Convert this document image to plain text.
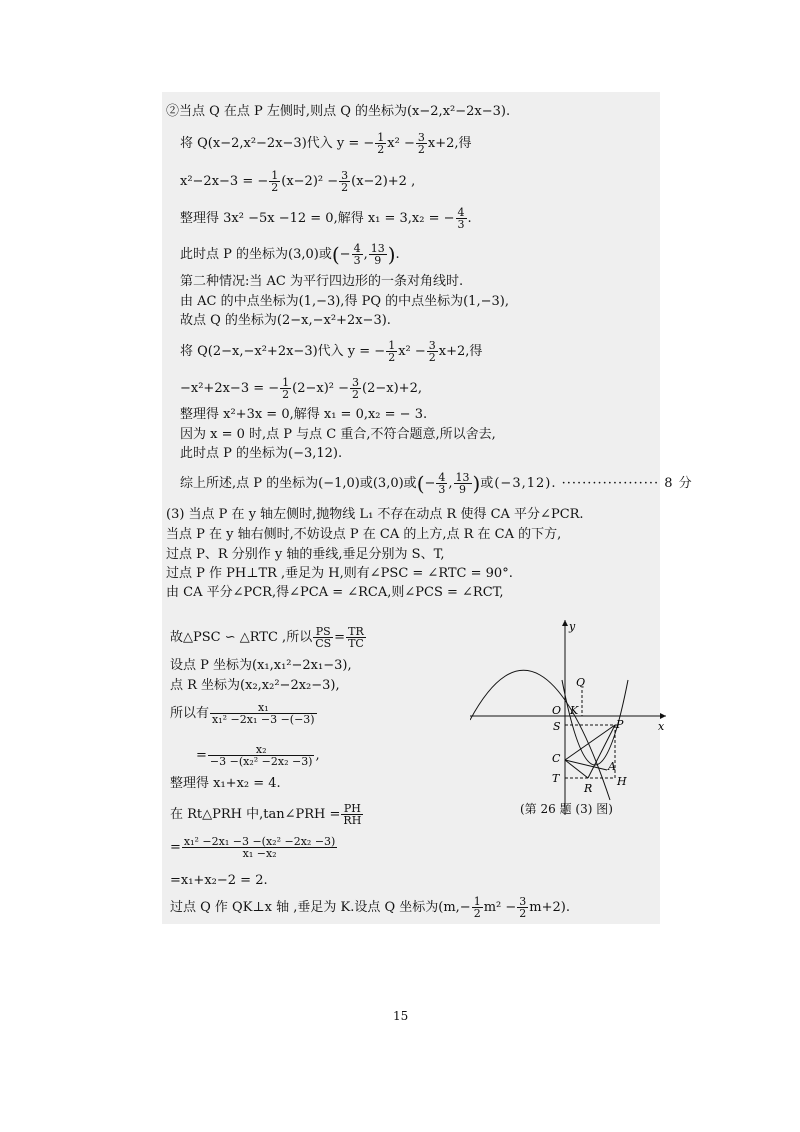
②当点 Q 在点 P 左侧时,则点 Q 的坐标为(x−2,x²−2x−3).
将 Q(x−2,x²−2x−3)代入 y = − $\frac{1}{2} x^2 - \frac{3}{2} x+2$,得
x²−2x−3 = − $\frac{1}{2} (x-2)^2 - \frac{3}{2} (x-2)+2$ ,
整理得 3x² −5x −12 = 0,解得 x₁ = 3,x₂ = − $\frac{4}{3}$ .
此时点 P 的坐标为(3,0)或(− $\frac{4}{3}$ , $\frac{13}{9}$ ).
第二种情况:当 AC 为平行四边形的一条对角线时.
由 AC 的中点坐标为(1,−3),得 PQ 的中点坐标为(1,−3),
故点 Q 的坐标为(2−x,−x²+2x−3).
将 Q(2−x,−x²+2x−3)代入 y = − $\frac{1}{2} x^2 - \frac{3}{2} x+2$,得
−x²+2x−3 = − $\frac{1}{2} (2-x)^2 - \frac{3}{2} (2-x)+2$,
整理得 x²+3x = 0,解得 x₁ = 0,x₂ = − 3.
因为 x = 0 时,点 P 与点 C 重合,不符合题意,所以舍去,
此时点 P 的坐标为(−3,12).
综上所述,点 P 的坐标为(−1,0)或(3,0)或(− $\frac{4}{3}$ , $\frac{13}{9}$ )或(−3,12). ··················· 8 分
(3) 当点 P 在 y 轴左侧时,抛物线 L₁ 不存在动点 R 使得 CA 平分∠PCR.
当点 P 在 y 轴右侧时,不妨设点 P 在 CA 的上方,点 R 在 CA 的下方,
过点 P、R 分别作 y 轴的垂线,垂足分别为 S、T,
过点 P 作 PH⊥TR ,垂足为 H,则有∠PSC = ∠RTC = 90°.
由 CA 平分∠PCR,得∠PCA = ∠RCA,则∠PCS = ∠RCT,
故△PSC ∽ △RTC ,所以 $\frac{PS}{CS} = \frac{TR}{TC}$
设点 P 坐标为(x₁,x₁²−2x₁−3),
点 R 坐标为(x₂,x₂²−2x₂−3),
所以有 $\frac{\text{x₁}}{\text{x₁² −2x₁ −3 −(−3)}}$
= $\frac{\text{x₂}}{\text{−3 −(x₂² −2x₂ −3)}}$ ,
整理得 x₁+x₂ = 4.
在 Rt△PRH 中,tan∠PRH = $\frac{PH}{RH}$
= $\frac{\text{x₁² −2x₁ −3 −(x₂² −2x₂ −3)}}{\text{x₁ −x₂}}$
=x₁+x₂−2 = 2.
过点 Q 作 QK⊥x 轴 ,垂足为 K.设点 Q 坐标为$(m,- \frac{1}{2} m^2 - \frac{3}{2} m+2)$.
y
x
O
Q
K
S	P
C
A
T
R
H
(第 26 题 (3) 图)
15
